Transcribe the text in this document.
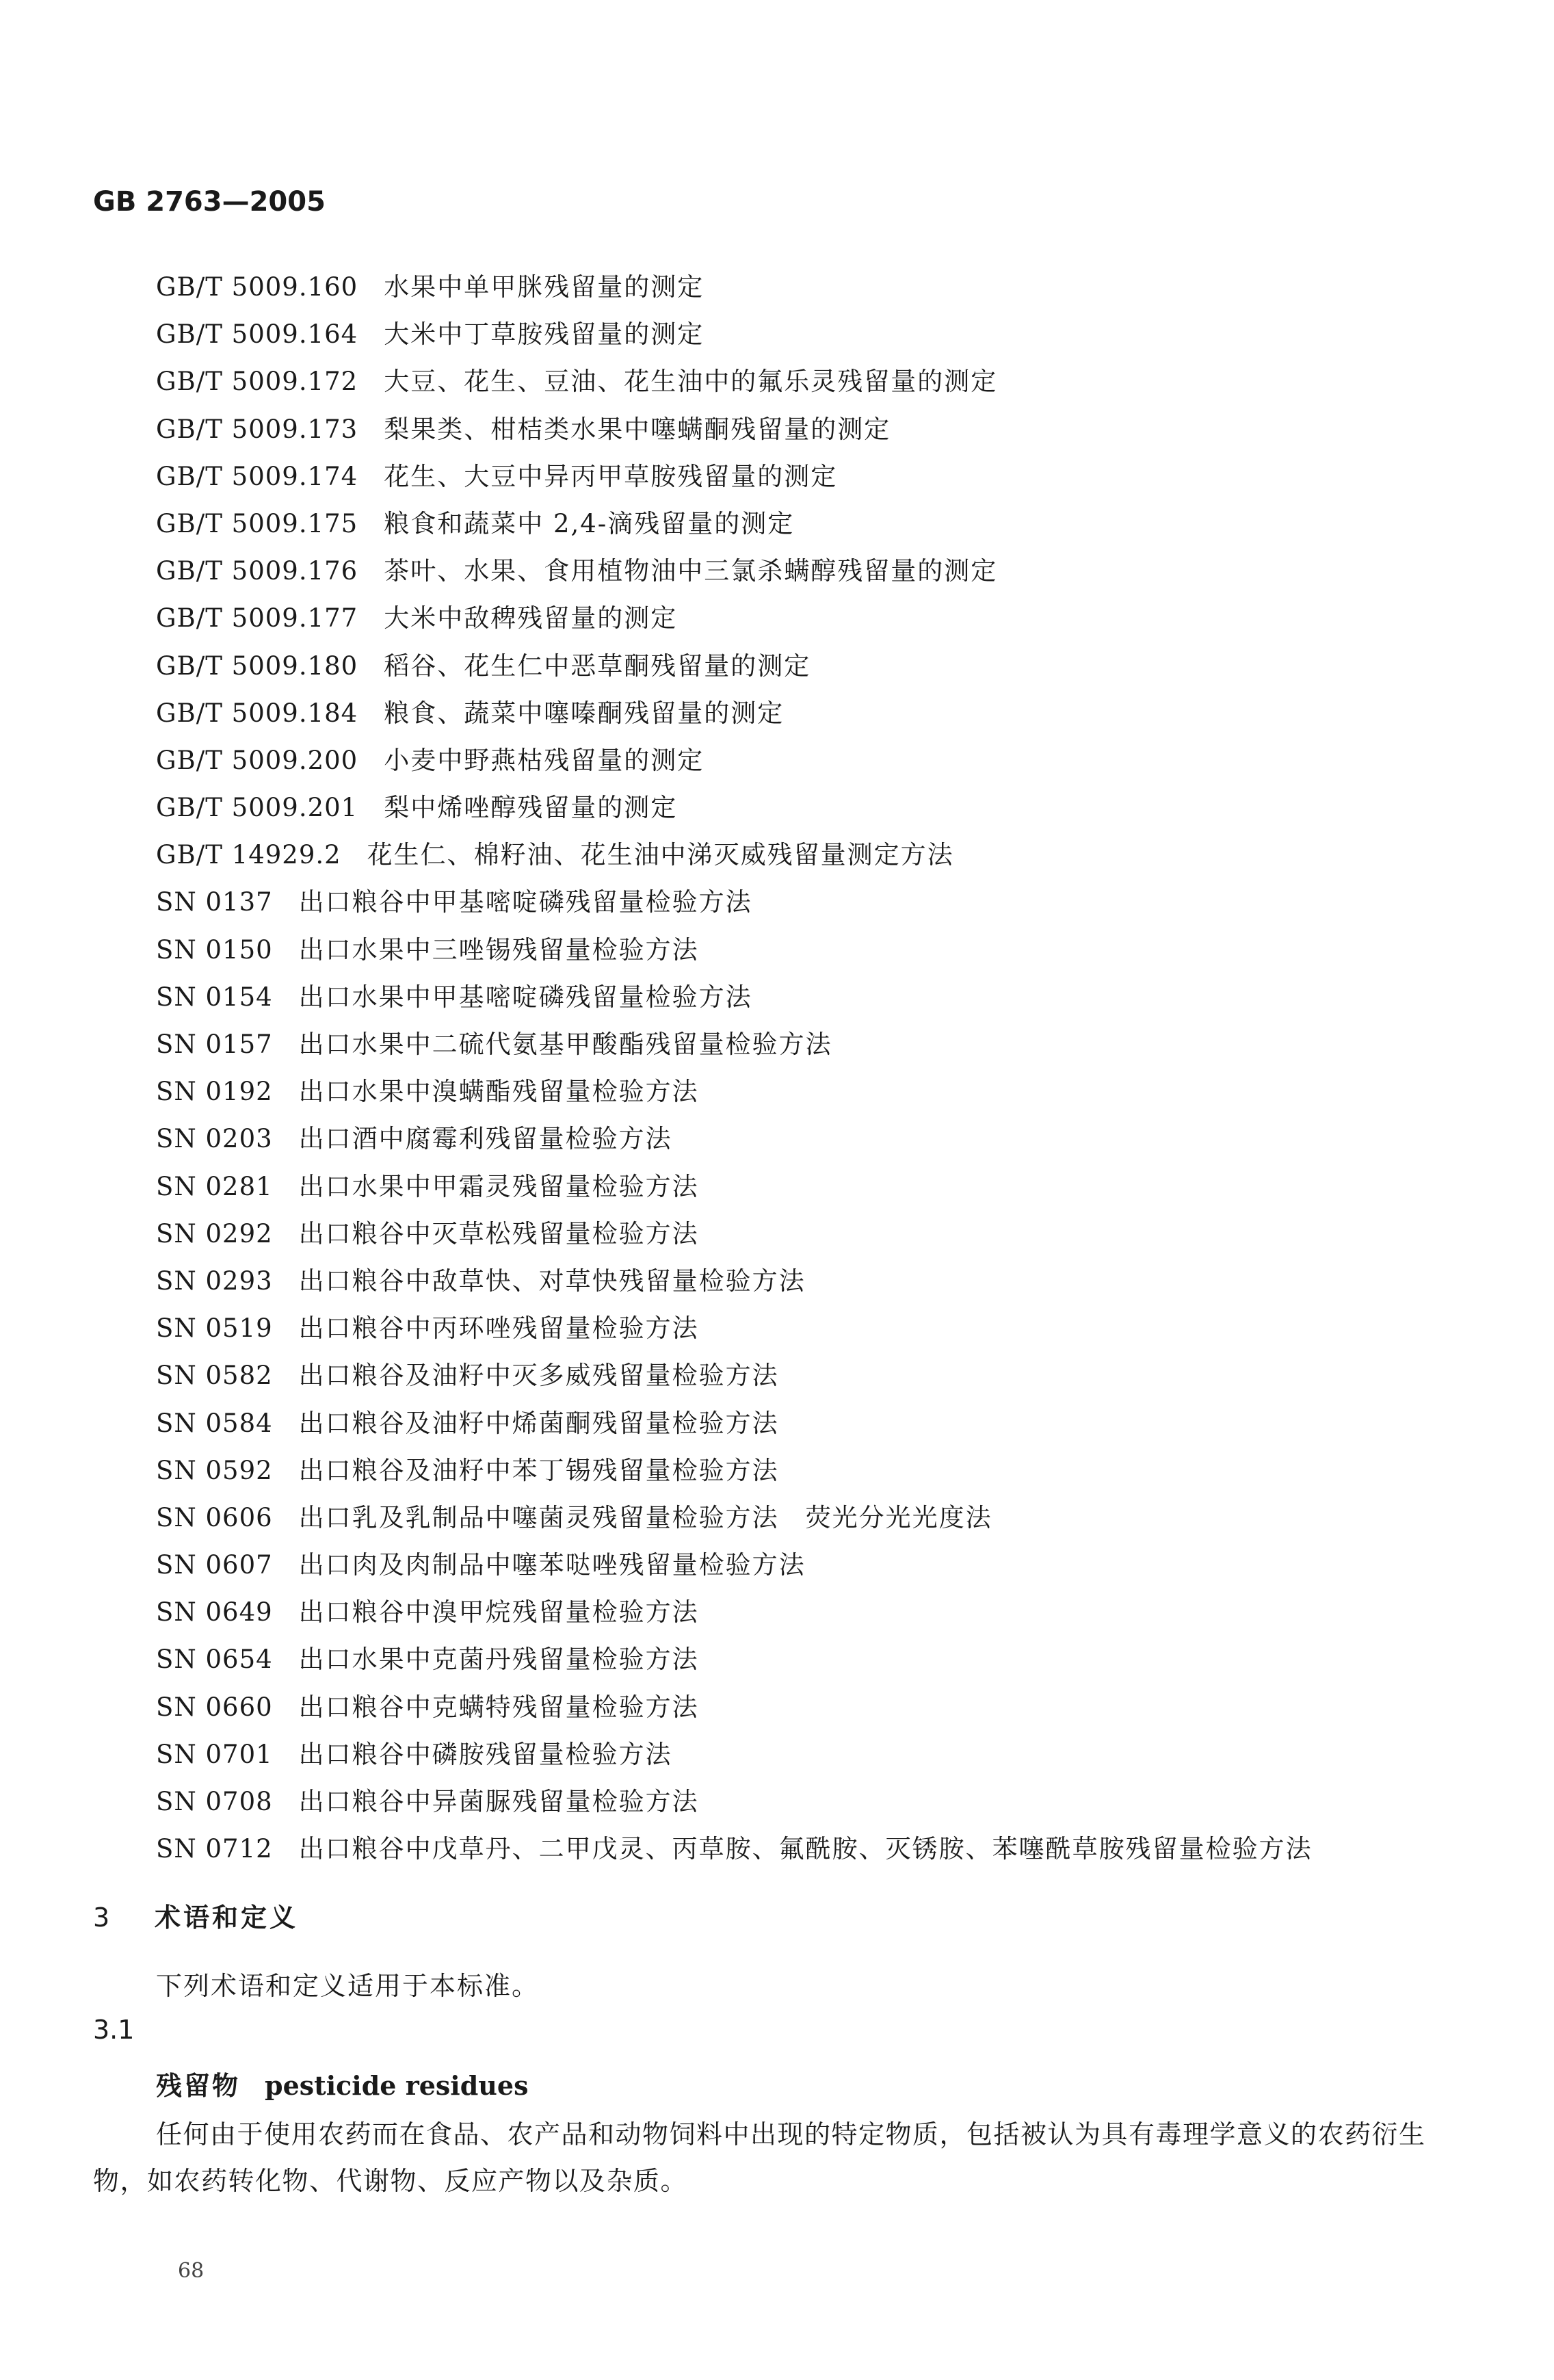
GB 2763—2005
GB/T 5009.160 水果中单甲脒残留量的测定
GB/T 5009.164 大米中丁草胺残留量的测定
GB/T 5009.172 大豆、花生、豆油、花生油中的氟乐灵残留量的测定
GB/T 5009.173 梨果类、柑桔类水果中噻螨酮残留量的测定
GB/T 5009.174 花生、大豆中异丙甲草胺残留量的测定
GB/T 5009.175 粮食和蔬菜中 2,4-滴残留量的测定
GB/T 5009.176 茶叶、水果、食用植物油中三氯杀螨醇残留量的测定
GB/T 5009.177 大米中敌稗残留量的测定
GB/T 5009.180 稻谷、花生仁中恶草酮残留量的测定
GB/T 5009.184 粮食、蔬菜中噻嗪酮残留量的测定
GB/T 5009.200 小麦中野燕枯残留量的测定
GB/T 5009.201 梨中烯唑醇残留量的测定
GB/T 14929.2 花生仁、棉籽油、花生油中涕灭威残留量测定方法
SN 0137 出口粮谷中甲基嘧啶磷残留量检验方法
SN 0150 出口水果中三唑锡残留量检验方法
SN 0154 出口水果中甲基嘧啶磷残留量检验方法
SN 0157 出口水果中二硫代氨基甲酸酯残留量检验方法
SN 0192 出口水果中溴螨酯残留量检验方法
SN 0203 出口酒中腐霉利残留量检验方法
SN 0281 出口水果中甲霜灵残留量检验方法
SN 0292 出口粮谷中灭草松残留量检验方法
SN 0293 出口粮谷中敌草快、对草快残留量检验方法
SN 0519 出口粮谷中丙环唑残留量检验方法
SN 0582 出口粮谷及油籽中灭多威残留量检验方法
SN 0584 出口粮谷及油籽中烯菌酮残留量检验方法
SN 0592 出口粮谷及油籽中苯丁锡残留量检验方法
SN 0606 出口乳及乳制品中噻菌灵残留量检验方法　荧光分光光度法
SN 0607 出口肉及肉制品中噻苯哒唑残留量检验方法
SN 0649 出口粮谷中溴甲烷残留量检验方法
SN 0654 出口水果中克菌丹残留量检验方法
SN 0660 出口粮谷中克螨特残留量检验方法
SN 0701 出口粮谷中磷胺残留量检验方法
SN 0708 出口粮谷中异菌脲残留量检验方法
SN 0712 出口粮谷中戊草丹、二甲戊灵、丙草胺、氟酰胺、灭锈胺、苯噻酰草胺残留量检验方法
3 术语和定义
下列术语和定义适用于本标准。
3.1
残留物 pesticide residues
任何由于使用农药而在食品、农产品和动物饲料中出现的特定物质，包括被认为具有毒理学意义的农药衍生物，如农药转化物、代谢物、反应产物以及杂质。
68
